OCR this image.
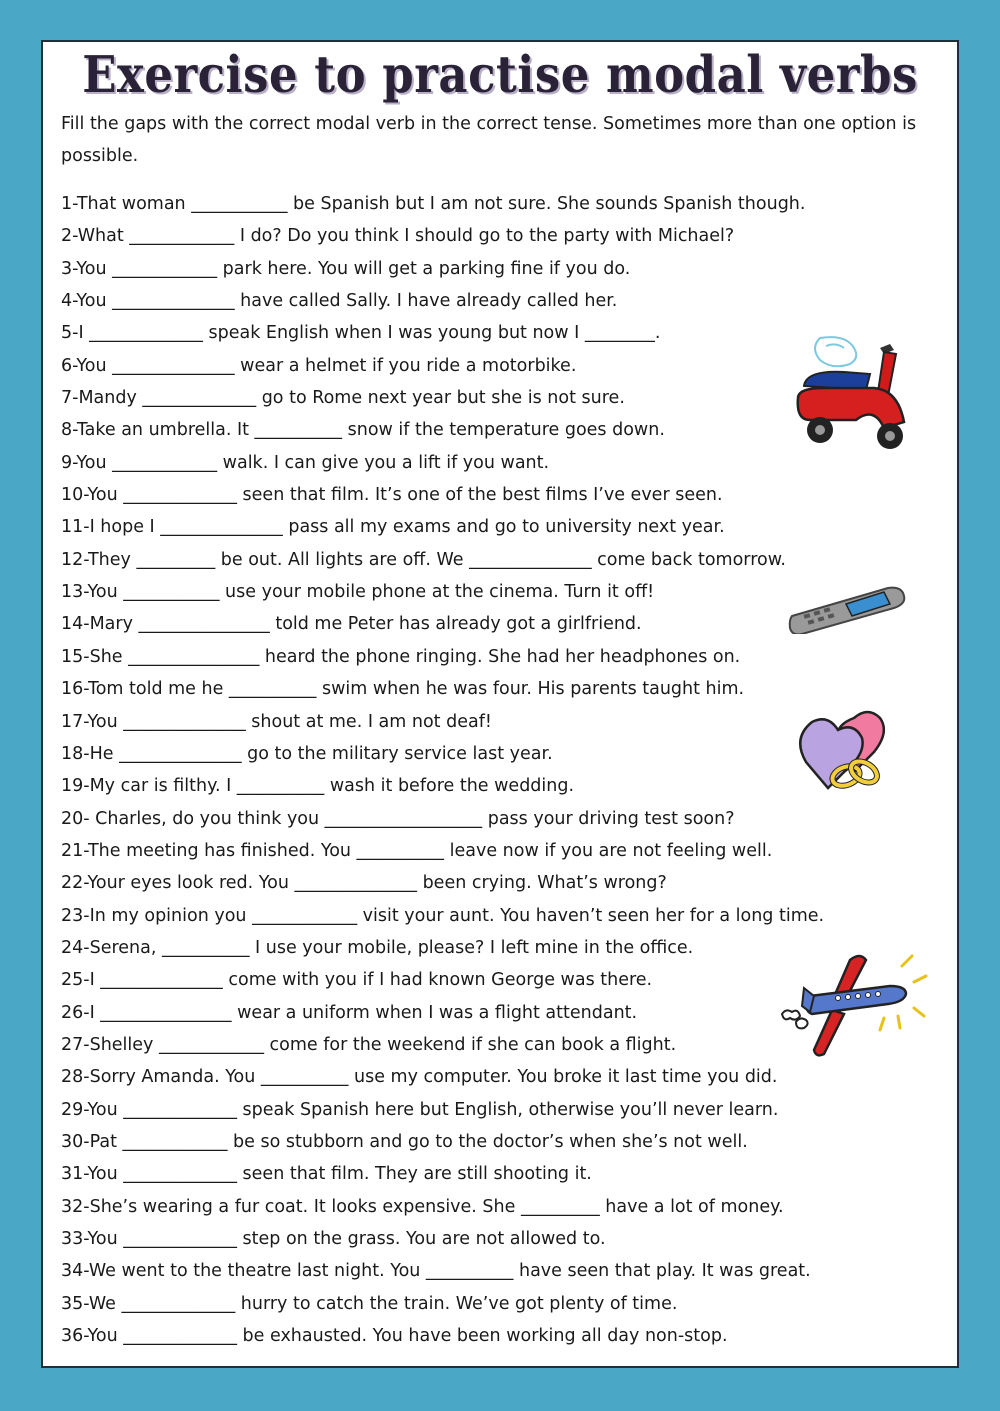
Exercise to practise modal verbs

Fill the gaps with the correct modal verb in the correct tense. Sometimes more than one option is possible.

1-That woman ___________ be Spanish but I am not sure. She sounds Spanish though.
2-What ____________ I do? Do you think I should go to the party with Michael?
3-You ____________ park here. You will get a parking fine if you do.
4-You ______________ have called Sally. I have already called her.
5-I _____________ speak English when I was young but now I ________.
6-You ______________ wear a helmet if you ride a motorbike.
7-Mandy _____________ go to Rome next year but she is not sure.
8-Take an umbrella. It __________ snow if the temperature goes down.
9-You ____________ walk. I can give you a lift if you want.
10-You _____________ seen that film. It’s one of the best films I’ve ever seen.
11-I hope I ______________ pass all my exams and go to university next year.
12-They _________ be out. All lights are off. We ______________ come back tomorrow.
13-You ___________ use your mobile phone at the cinema. Turn it off!
14-Mary _______________ told me Peter has already got a girlfriend.
15-She _______________ heard the phone ringing. She had her headphones on.
16-Tom told me he __________ swim when he was four. His parents taught him.
17-You ______________ shout at me. I am not deaf!
18-He ______________ go to the military service last year.
19-My car is filthy. I __________ wash it before the wedding.
20- Charles, do you think you __________________ pass your driving test soon?
21-The meeting has finished. You __________ leave now if you are not feeling well.
22-Your eyes look red. You ______________ been crying. What’s wrong?
23-In my opinion you ____________ visit your aunt. You haven’t seen her for a long time.
24-Serena, __________ I use your mobile, please? I left mine in the office.
25-I ______________ come with you if I had known George was there.
26-I _______________ wear a uniform when I was a flight attendant.
27-Shelley ____________ come for the weekend if she can book a flight.
28-Sorry Amanda. You __________ use my computer. You broke it last time you did.
29-You _____________ speak Spanish here but English, otherwise you’ll never learn.
30-Pat ____________ be so stubborn and go to the doctor’s when she’s not well.
31-You _____________ seen that film. They are still shooting it.
32-She’s wearing a fur coat. It looks expensive. She _________ have a lot of money.
33-You _____________ step on the grass. You are not allowed to.
34-We went to the theatre last night. You __________ have seen that play. It was great.
35-We _____________ hurry to catch the train. We’ve got plenty of time.
36-You _____________ be exhausted. You have been working all day non-stop.
